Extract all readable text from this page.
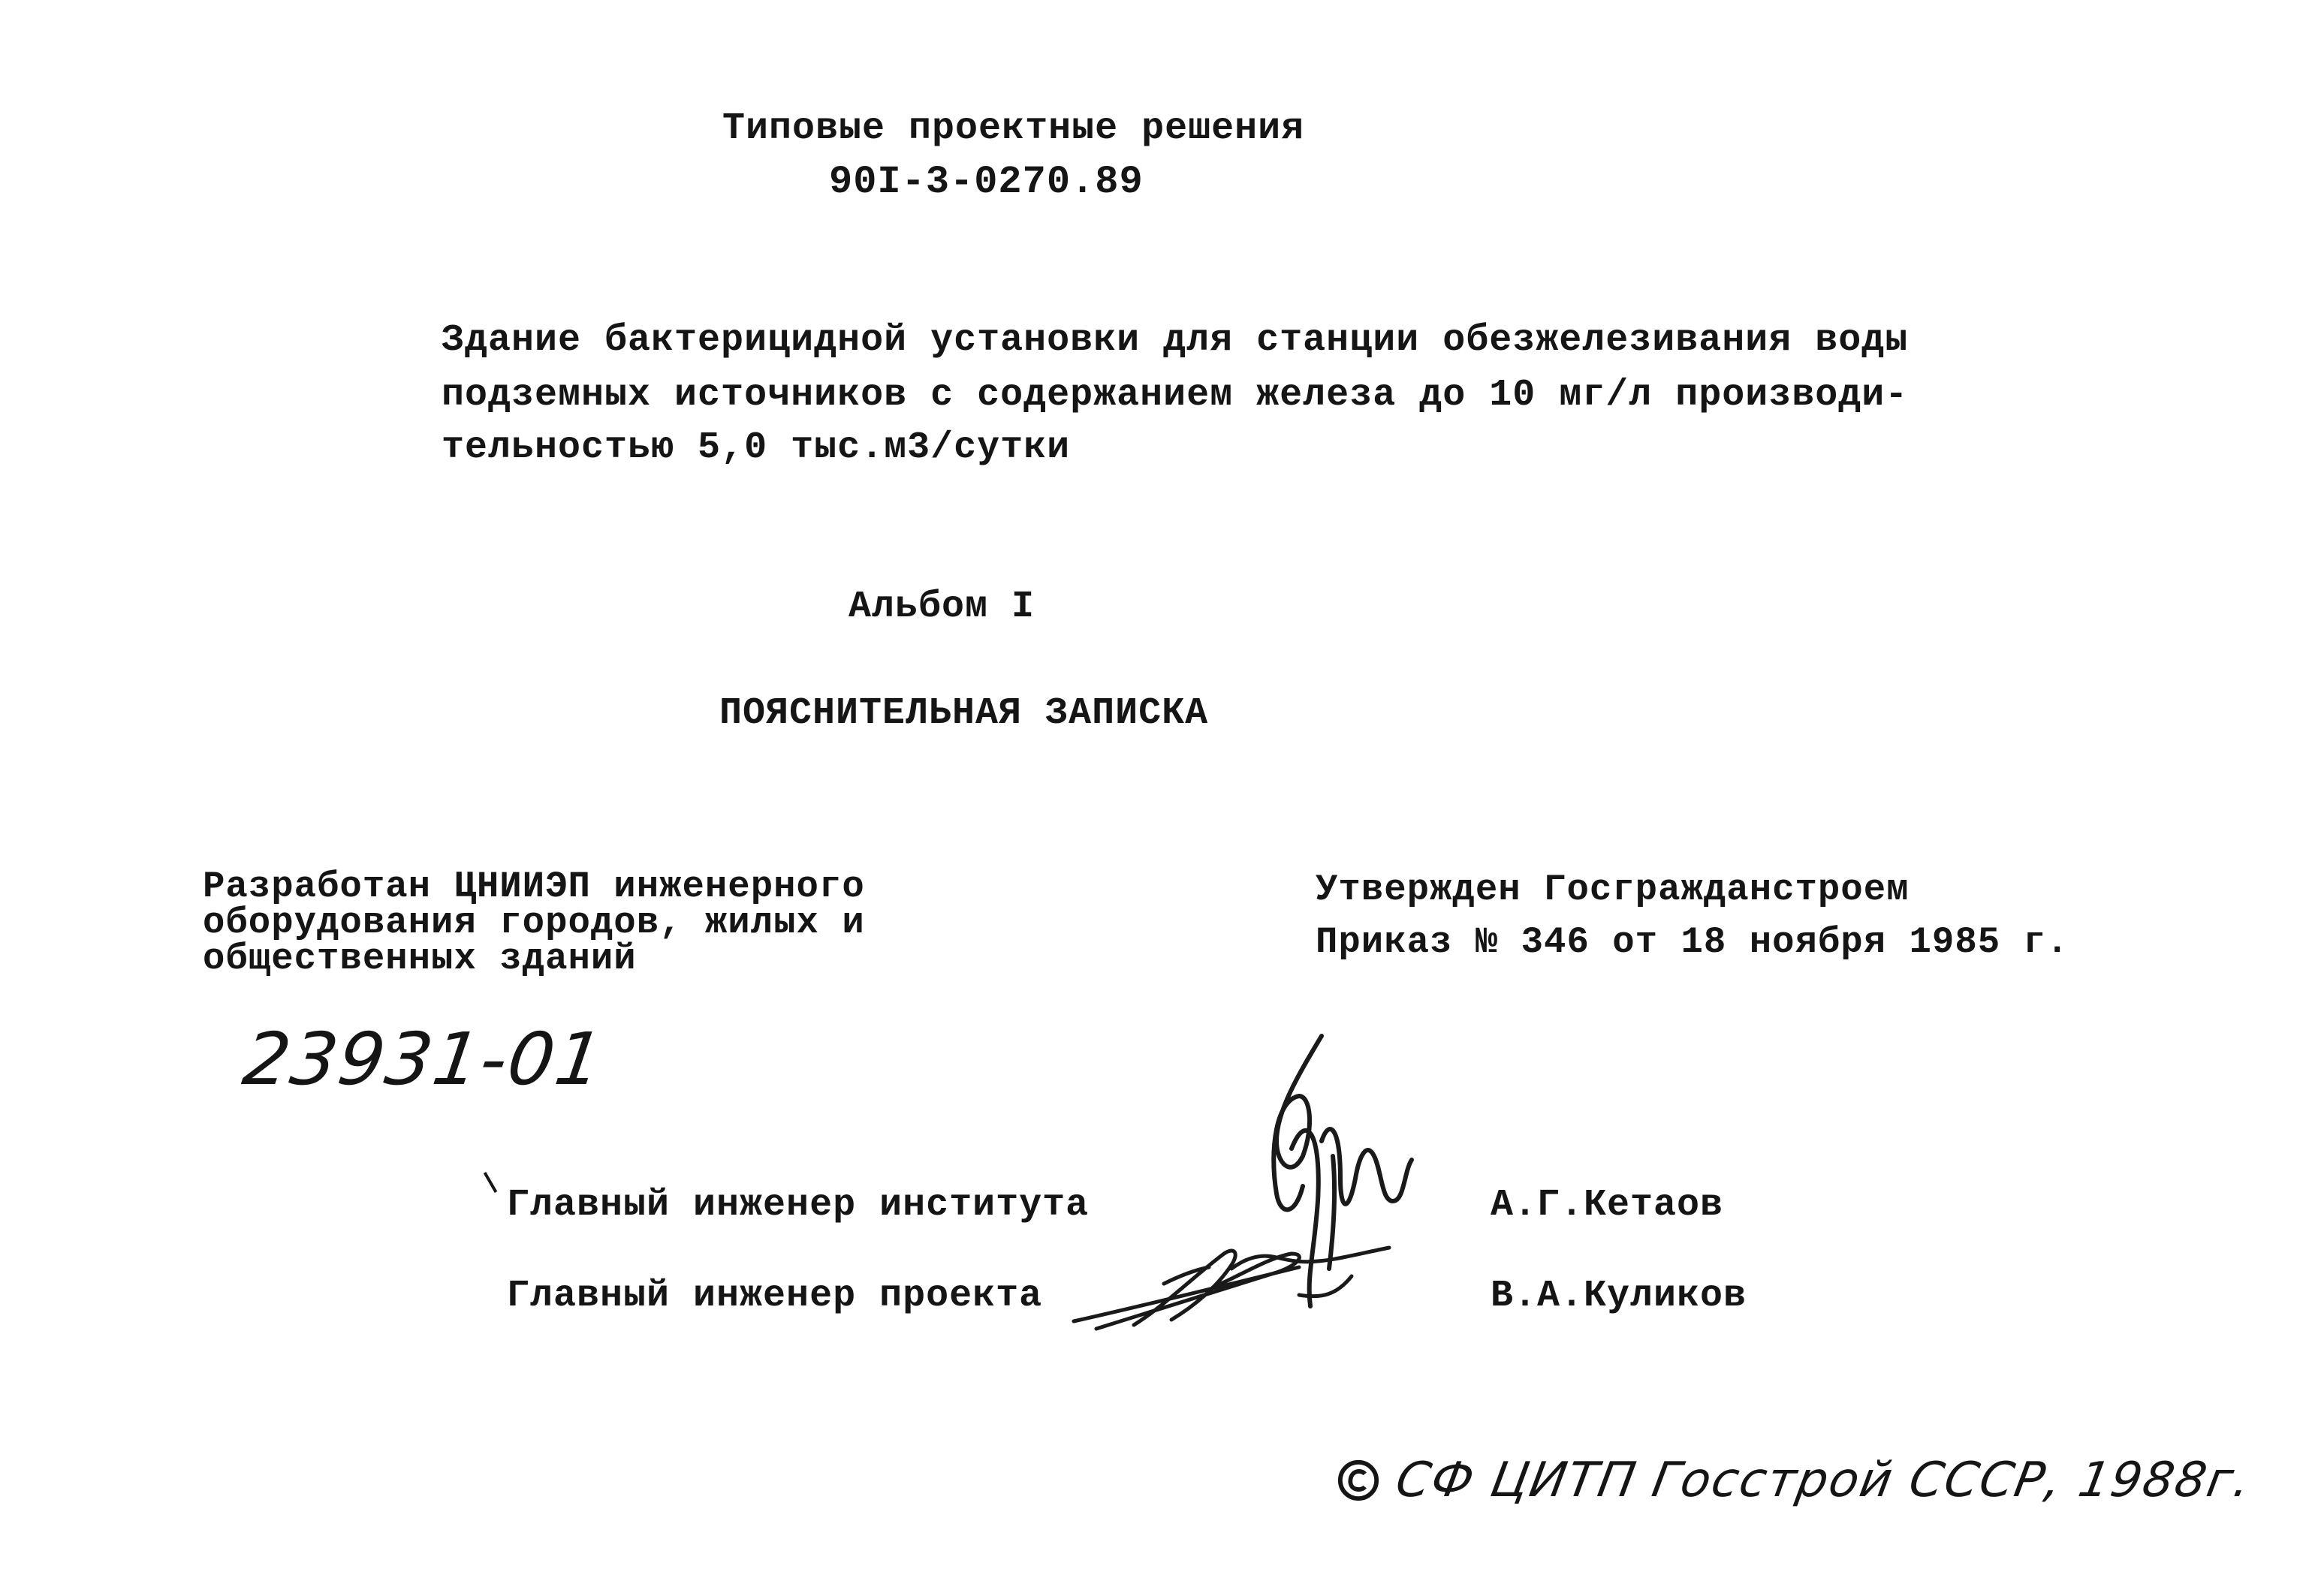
Типовые проектные решения
90I-3-0270.89
Здание бактерицидной установки для станции обезжелезивания воды
подземных источников с содержанием железа до 10 мг/л производи-
тельностью 5,0 тыс.м3/сутки
Альбом I
ПОЯСНИТЕЛЬНАЯ ЗАПИСКА
Разработан ЦНИИЭП инженерного
оборудования городов, жилых и
общественных зданий
Утвержден Госгражданстроем
Приказ № 346 от 18 ноября 1985 г.
23931-01
Главный инженер института
Главный инженер проекта
А.Г.Кетаов
В.А.Куликов
СФ ЦИТП Госстрой СССР, 1988г.
